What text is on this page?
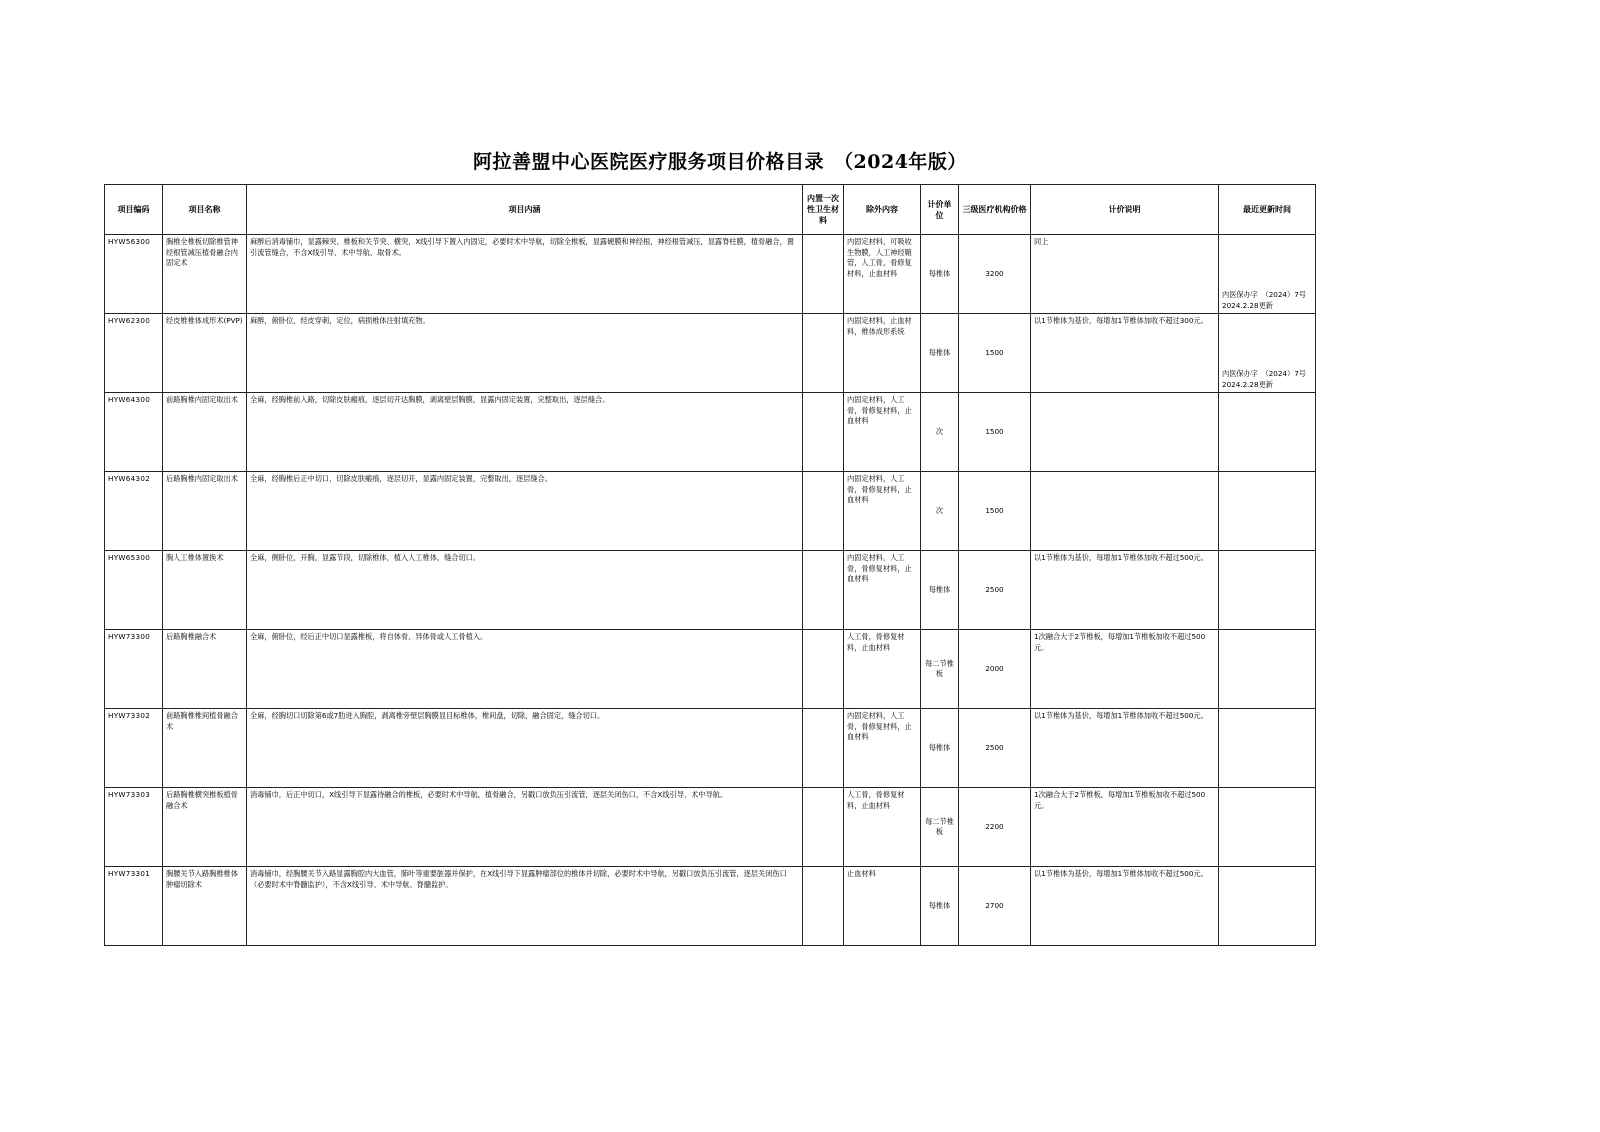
阿拉善盟中心医院医疗服务项目价格目录　（2024年版）
项目编码	项目名称	项目内涵	内置一次性卫生材料	除外内容	计价单位	三级医疗机构价格	计价说明	最近更新时间
HYW56300	胸椎全椎板切除椎管神经根管减压植骨融合内固定术	麻醉后消毒铺巾，显露棘突、椎板和关节突、横突，X线引导下置入内固定，必要时术中导航，切除全椎板，显露硬膜和神经根，神经根管减压，显露脊柱膜，植骨融合，置引流管缝合，不含X线引导、术中导航、取骨术。		内固定材料，可吸收生物膜，人工神经鞘管，人工骨，骨修复材料，止血材料	每椎体	3200	同上	内医保办字　（2024）7号　2024.2.28更新
HYW62300	经皮椎椎体成形术(PVP)	麻醉，俯卧位，经皮穿刺，定位，病损椎体注射填充物。		内固定材料，止血材料，椎体成形系统	每椎体	1500	以1节椎体为基价，每增加1节椎体加收不超过300元。	内医保办字　（2024）7号　2024.2.28更新
HYW64300	前路胸椎内固定取出术	全麻，经胸椎前入路，切除皮肤瘢痕，逐层切开达胸膜，剥离壁层胸膜，显露内固定装置，完整取出，逐层缝合。		内固定材料，人工骨，骨修复材料，止血材料	次	1500		
HYW64302	后路胸椎内固定取出术	全麻，经胸椎后正中切口，切除皮肤瘢痕，逐层切开，显露内固定装置，完整取出，逐层缝合。		内固定材料，人工骨，骨修复材料，止血材料	次	1500		
HYW65300	胸人工椎体置换术	全麻，侧卧位，开胸，显露节段，切除椎体，植入人工椎体，缝合切口。		内固定材料，人工骨，骨修复材料，止血材料	每椎体	2500	以1节椎体为基价，每增加1节椎体加收不超过500元。	
HYW73300	后路胸椎融合术	全麻，俯卧位，经后正中切口显露椎板，将自体骨、异体骨或人工骨植入。		人工骨，骨修复材料，止血材料	每二节椎板	2000	1次融合大于2节椎板，每增加1节椎板加收不超过500元。	
HYW73302	前路胸椎椎间植骨融合术	全麻，经胸切口切除第6或7肋进入胸腔，剥离椎旁壁层胸膜显目标椎体，椎间盘，切除，融合固定，缝合切口。		内固定材料，人工骨，骨修复材料，止血材料	每椎体	2500	以1节椎体为基价，每增加1节椎体加收不超过500元。	
HYW73303	后路胸椎横突椎板植骨融合术	消毒铺巾，后正中切口，X线引导下显露待融合的椎板，必要时术中导航，植骨融合，另戳口放负压引流管，逐层关闭伤口，不含X线引导、术中导航。		人工骨，骨修复材料，止血材料	每二节椎板	2200	1次融合大于2节椎板，每增加1节椎板加收不超过500元。	
HYW73301	胸腰关节入路胸椎椎体肿瘤切除术	消毒铺巾，经胸腰关节入路显露胸腔内大血管，肺叶等重要脏器并保护，在X线引导下显露肿瘤部位的椎体并切除，必要时术中导航，另戳口放负压引流管，逐层关闭伤口（必要时术中脊髓监护），不含X线引导、术中导航、脊髓监护。		止血材料	每椎体	2700	以1节椎体为基价，每增加1节椎体加收不超过500元。	
